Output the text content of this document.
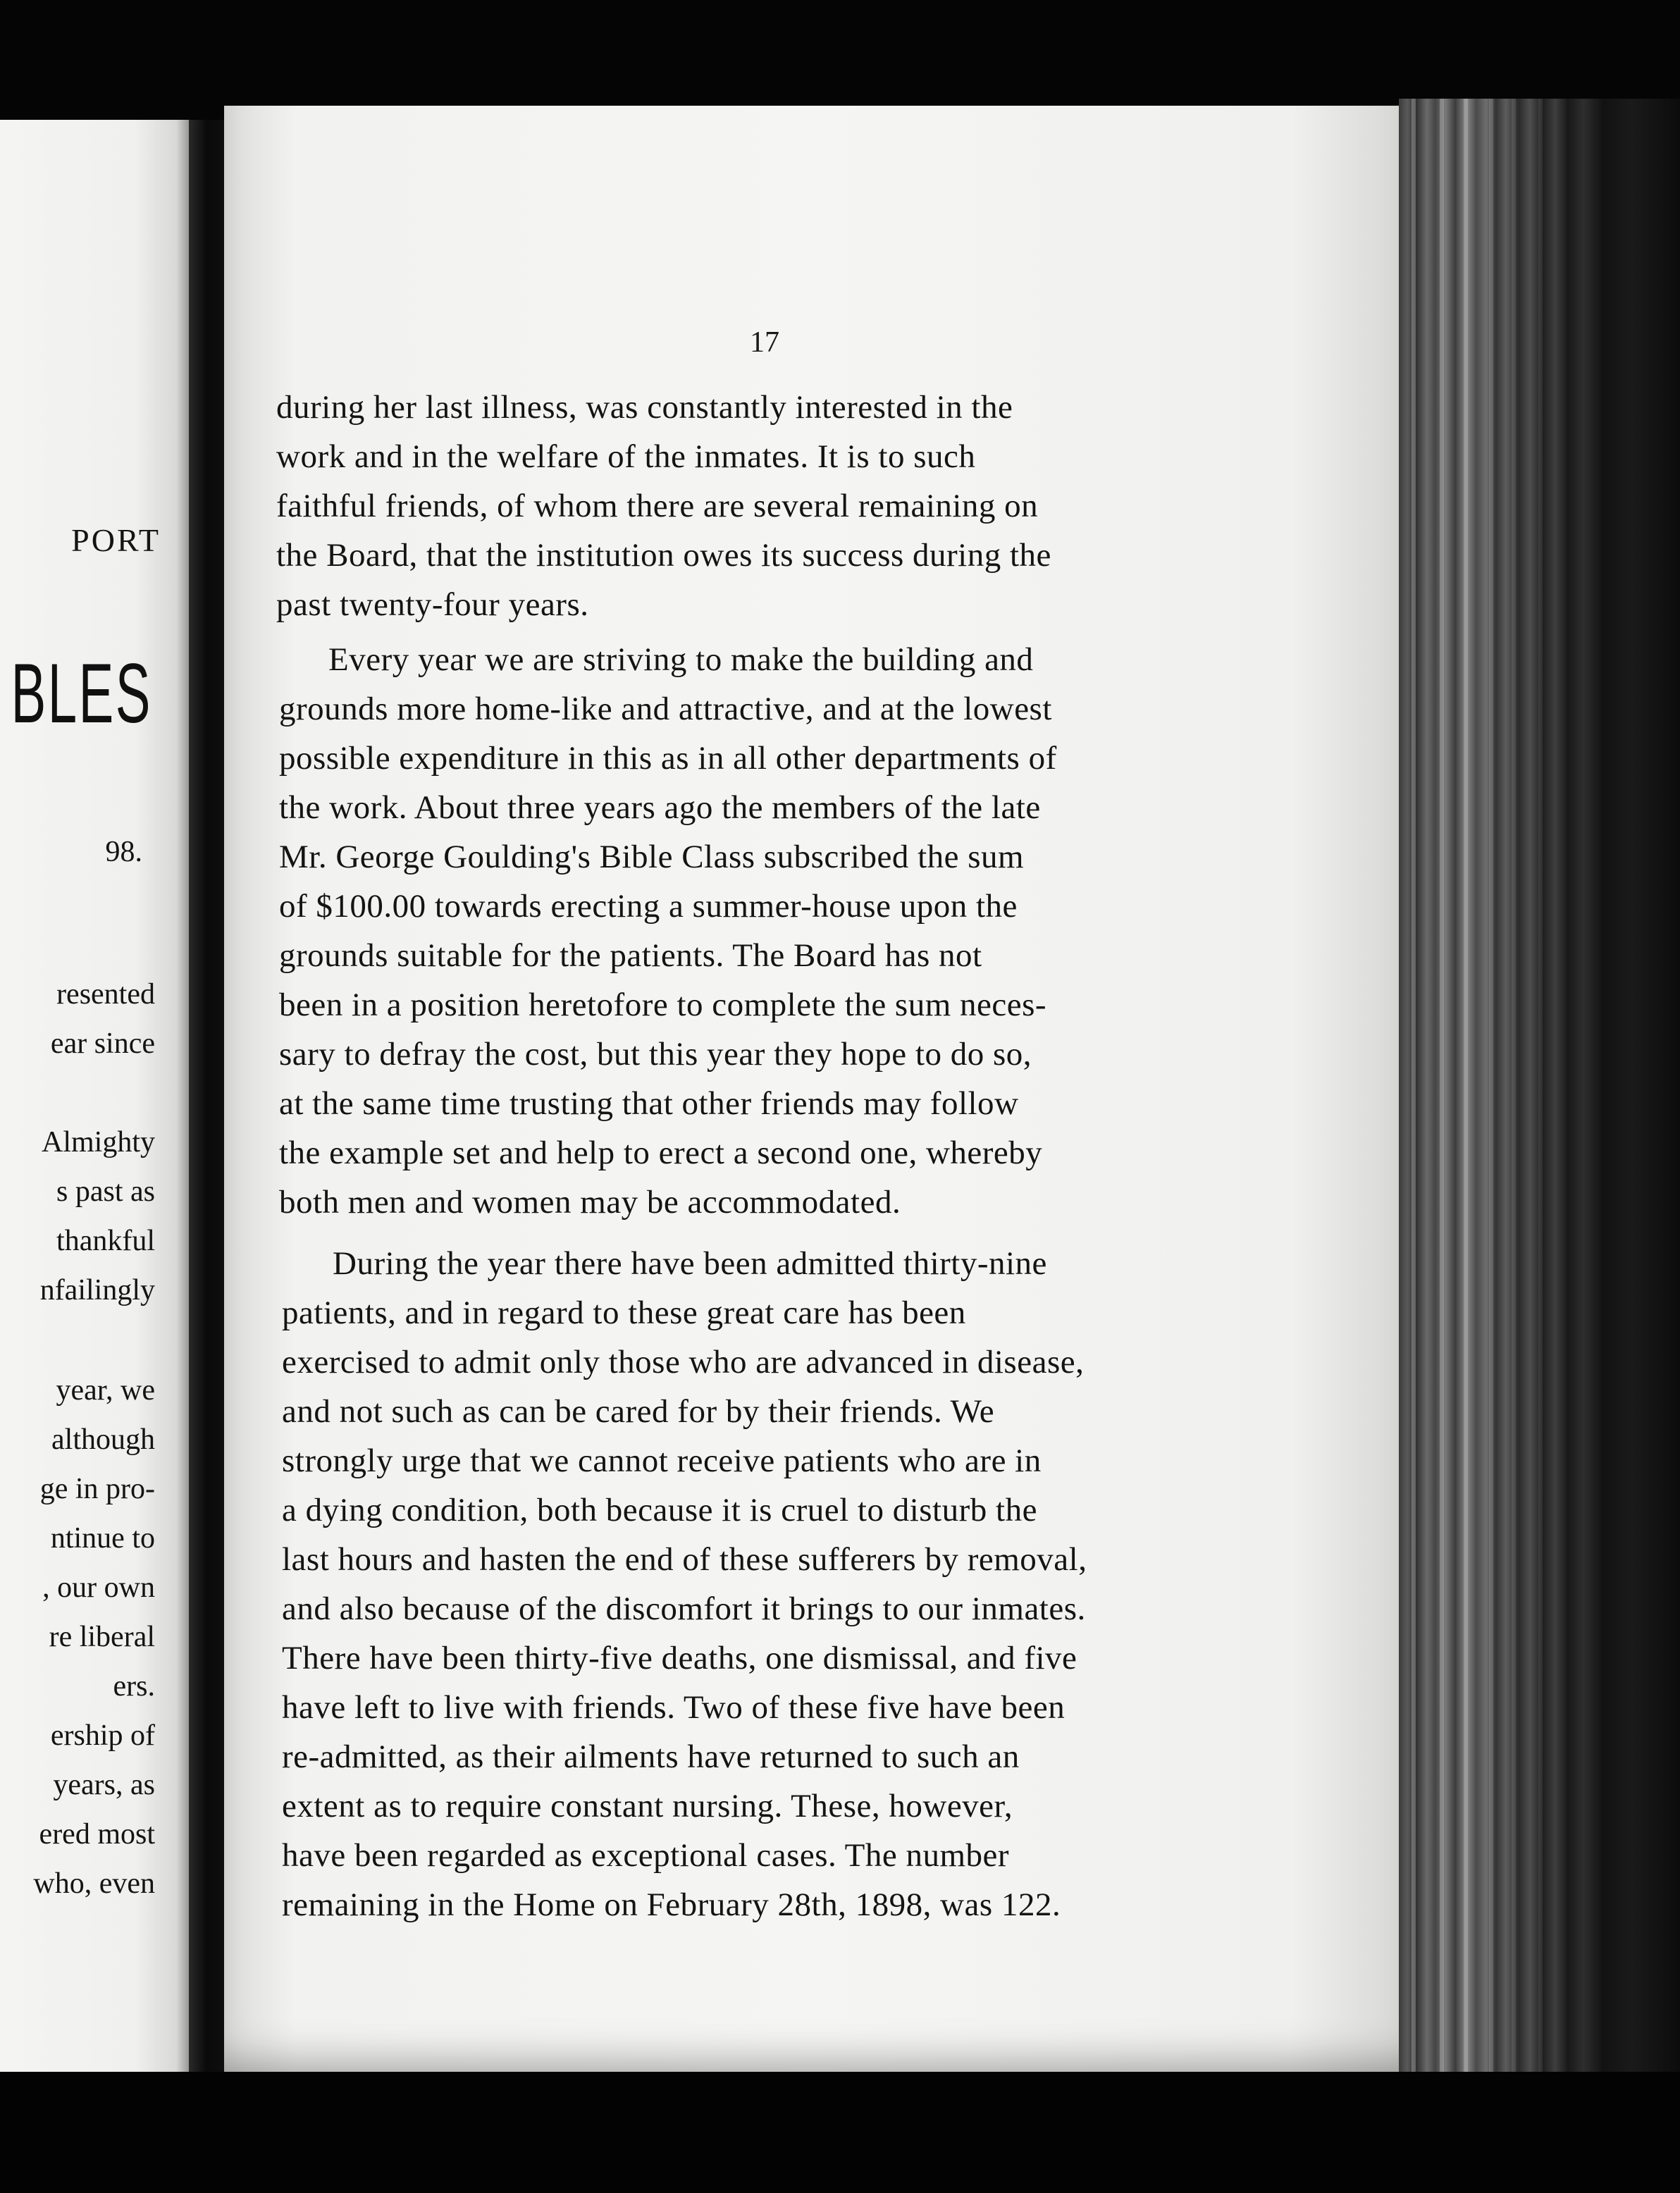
PORT
BLES
98.
resented
ear since
Almighty
s past as
thankful
nfailingly
year, we
although
ge in pro-
ntinue to
, our own
re liberal
ers.
ership of
years, as
ered most
who, even
17
during her last illness, was constantly interested in the
work and in the welfare of the inmates. It is to such
faithful friends, of whom there are several remaining on
the Board, that the institution owes its success during the
past twenty-four years.
Every year we are striving to make the building and
grounds more home-like and attractive, and at the lowest
possible expenditure in this as in all other departments of
the work. About three years ago the members of the late
Mr. George Goulding's Bible Class subscribed the sum
of $100.00 towards erecting a summer-house upon the
grounds suitable for the patients. The Board has not
been in a position heretofore to complete the sum neces-
sary to defray the cost, but this year they hope to do so,
at the same time trusting that other friends may follow
the example set and help to erect a second one, whereby
both men and women may be accommodated.
During the year there have been admitted thirty-nine
patients, and in regard to these great care has been
exercised to admit only those who are advanced in disease,
and not such as can be cared for by their friends. We
strongly urge that we cannot receive patients who are in
a dying condition, both because it is cruel to disturb the
last hours and hasten the end of these sufferers by removal,
and also because of the discomfort it brings to our inmates.
There have been thirty-five deaths, one dismissal, and five
have left to live with friends. Two of these five have been
re-admitted, as their ailments have returned to such an
extent as to require constant nursing. These, however,
have been regarded as exceptional cases. The number
remaining in the Home on February 28th, 1898, was 122.
